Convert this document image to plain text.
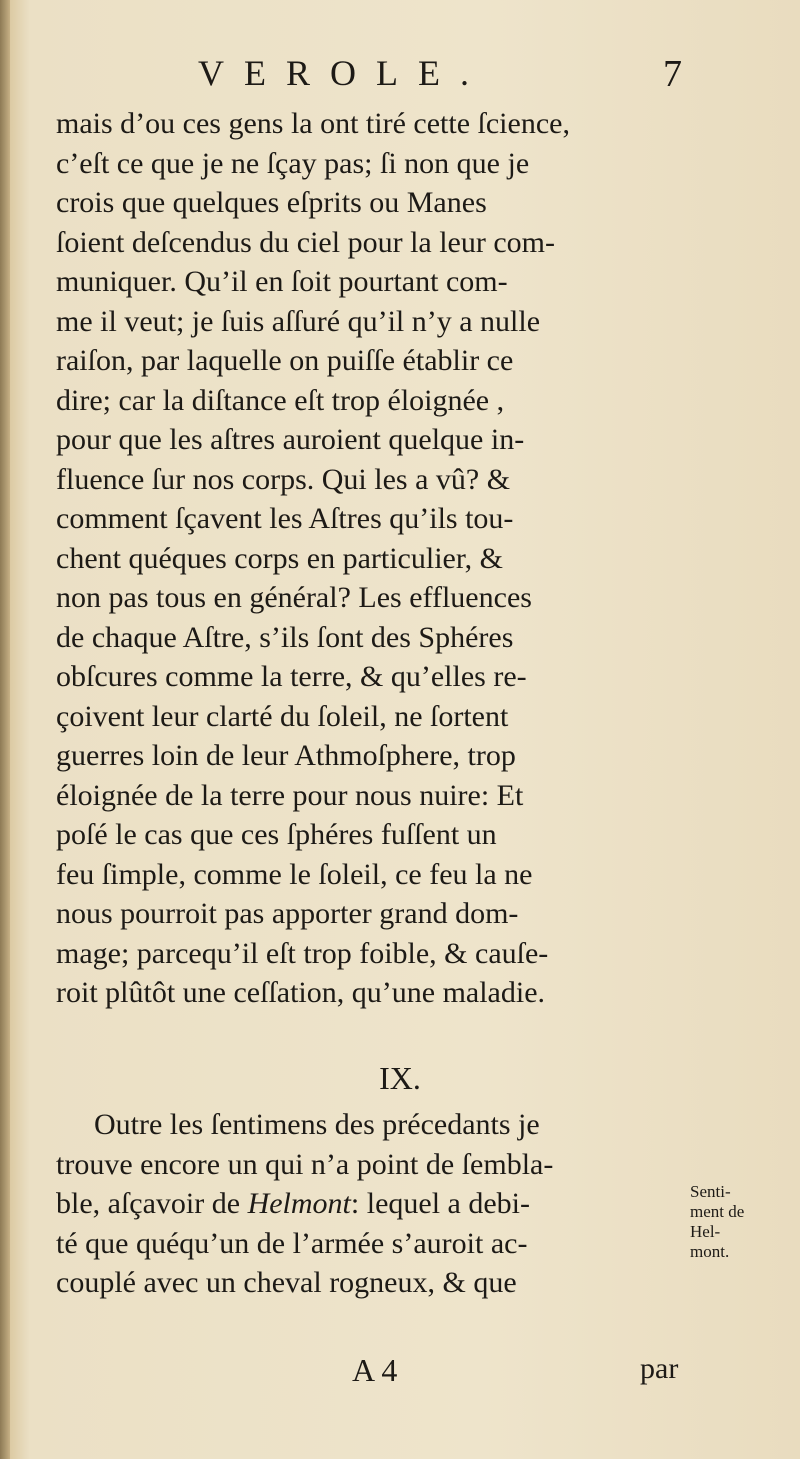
VEROLE.	7
mais d’ou ces gens la ont tiré cette ſcience,
c’eſt ce que je ne ſçay pas; ſi non que je
crois que quelques eſprits ou Manes
ſoient deſcendus du ciel pour la leur com-
muniquer. Qu’il en ſoit pourtant com-
me il veut; je ſuis aſſuré qu’il n’y a nulle
raiſon, par laquelle on puiſſe établir ce
dire; car la diſtance eſt trop éloignée ,
pour que les aſtres auroient quelque in-
fluence ſur nos corps. Qui les a vû? &
comment ſçavent les Aſtres qu’ils tou-
chent quéques corps en particulier, &
non pas tous en général? Les effluences
de chaque Aſtre, s’ils ſont des Sphéres
obſcures comme la terre, & qu’elles re-
çoivent leur clarté du ſoleil, ne ſortent
guerres loin de leur Athmoſphere, trop
éloignée de la terre pour nous nuire: Et
poſé le cas que ces ſphéres fuſſent un
feu ſimple, comme le ſoleil, ce feu la ne
nous pourroit pas apporter grand dom-
mage; parcequ’il eſt trop foible, & cauſe-
roit plûtôt une ceſſation, qu’une maladie.
IX.
Outre les ſentimens des précedants je
trouve encore un qui n’a point de ſembla-
ble, aſçavoir de Helmont: lequel a debi-
té que quéqu’un de l’armée s’auroit ac-
couplé avec un cheval rogneux, & que
Senti-
ment de
Hel-
mont.
A 4	par
